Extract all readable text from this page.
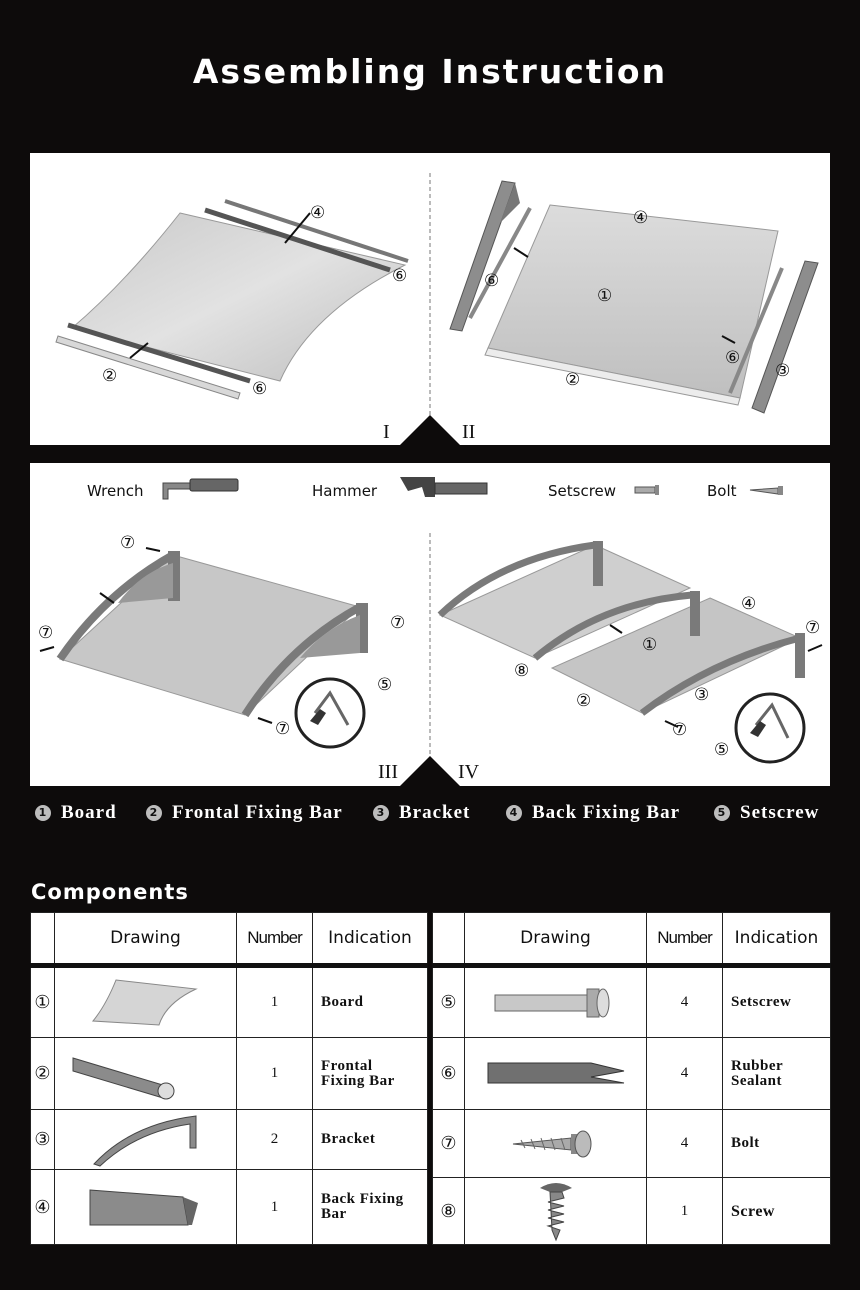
Assembling Instruction
④
⑥
②
⑥
④
①
⑥
⑥
③
②
I	II
Wrench	Hammer	Setscrew	Bolt
⑦
⑦
⑦
⑤
⑦
④
⑦
①
⑧
③
②
⑦
⑤
III	IV
1 Board	2 Frontal Fixing Bar	3 Bracket	4 Back Fixing Bar	5 Setscrew
Components
	Drawing	Number	Indication
①		1	Board

②		1	Frontal
Fixing Bar

③		2	Bracket

④		1	Back Fixing
Bar
	Drawing	Number	Indication
⑤		4	Setscrew

⑥		4	Rubber
Sealant

⑦		4	Bolt

⑧		1	Screw
